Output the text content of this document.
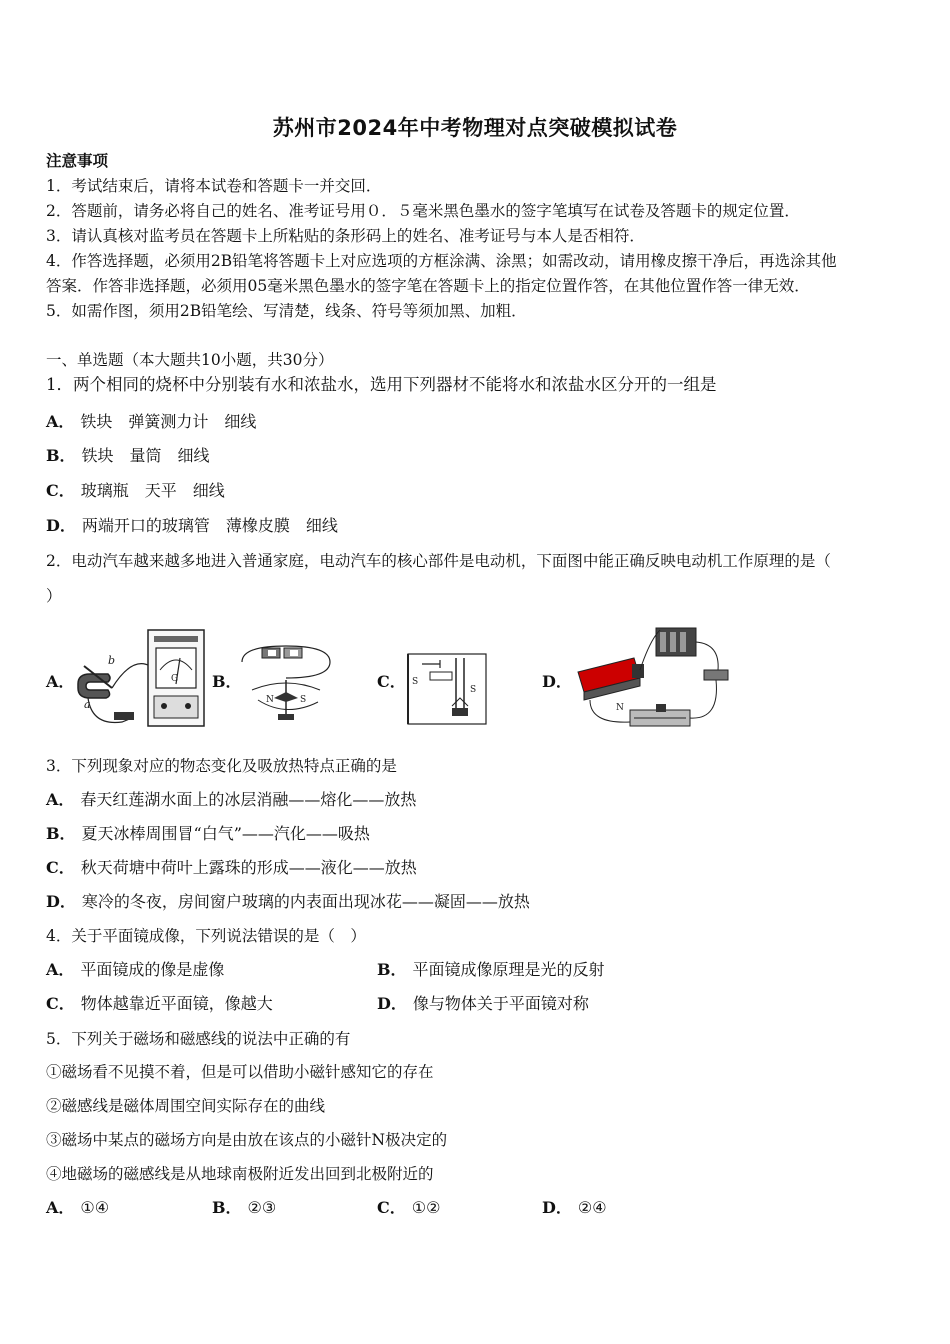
苏州市2024年中考物理对点突破模拟试卷
注意事项
1．考试结束后，请将本试卷和答题卡一并交回．
2．答题前，请务必将自己的姓名、准考证号用０．５毫米黑色墨水的签字笔填写在试卷及答题卡的规定位置．
3．请认真核对监考员在答题卡上所粘贴的条形码上的姓名、准考证号与本人是否相符．
4．作答选择题，必须用2B铅笔将答题卡上对应选项的方框涂满、涂黑；如需改动，请用橡皮擦干净后，再选涂其他
答案．作答非选择题，必须用05毫米黑色墨水的签字笔在答题卡上的指定位置作答，在其他位置作答一律无效．
5．如需作图，须用2B铅笔绘、写清楚，线条、符号等须加黑、加粗．
一、单选题（本大题共10小题，共30分）
1．两个相同的烧杯中分别装有水和浓盐水，选用下列器材不能将水和浓盐水区分开的一组是
A． 铁块　弹簧测力计　细线
B． 铁块　量筒　细线
C． 玻璃瓶　天平　细线
D． 两端开口的玻璃管　薄橡皮膜　细线
2．电动汽车越来越多地进入普通家庭，电动汽车的核心部件是电动机，下面图中能正确反映电动机工作原理的是（
）
A．
b
a
G B．
N	S
C． S
S	D．
N
3．下列现象对应的物态变化及吸放热特点正确的是
A． 春天红莲湖水面上的冰层消融——熔化——放热
B． 夏天冰棒周围冒“白气”——汽化——吸热
C． 秋天荷塘中荷叶上露珠的形成——液化——放热
D． 寒冷的冬夜，房间窗户玻璃的内表面出现冰花——凝固——放热
4．关于平面镜成像，下列说法错误的是（　）
A． 平面镜成的像是虚像	B． 平面镜成像原理是光的反射
C． 物体越靠近平面镜，像越大	D． 像与物体关于平面镜对称
5．下列关于磁场和磁感线的说法中正确的有
①磁场看不见摸不着，但是可以借助小磁针感知它的存在
②磁感线是磁体周围空间实际存在的曲线
③磁场中某点的磁场方向是由放在该点的小磁针N极决定的
④地磁场的磁感线是从地球南极附近发出回到北极附近的
A． ①④	B． ②③	C． ①②	D． ②④
